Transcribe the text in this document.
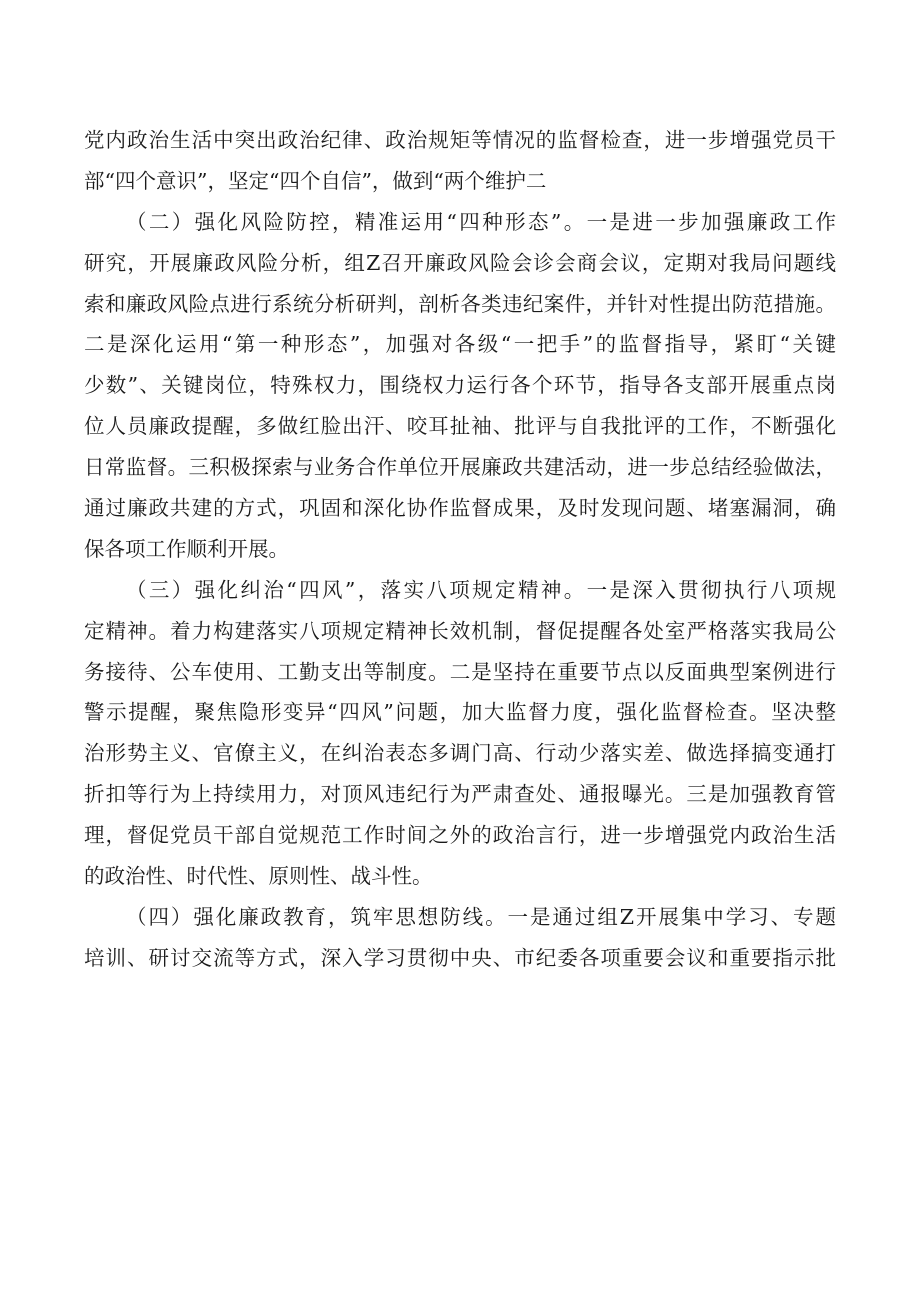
党内政治生活中突出政治纪律、政治规矩等情况的监督检查，进一步增强党员干
部“四个意识”，坚定“四个自信”，做到“两个维护二
（二）强化风险防控，精准运用“四种形态”。一是进一步加强廉政工作
研究，开展廉政风险分析，组Z召开廉政风险会诊会商会议，定期对我局问题线
索和廉政风险点进行系统分析研判，剖析各类违纪案件，并针对性提出防范措施。
二是深化运用“第一种形态”，加强对各级“一把手”的监督指导，紧盯“关键
少数”、关键岗位，特殊权力，围绕权力运行各个环节，指导各支部开展重点岗
位人员廉政提醒，多做红脸出汗、咬耳扯袖、批评与自我批评的工作，不断强化
日常监督。三积极探索与业务合作单位开展廉政共建活动，进一步总结经验做法，
通过廉政共建的方式，巩固和深化协作监督成果，及时发现问题、堵塞漏洞，确
保各项工作顺利开展。
（三）强化纠治“四风”，落实八项规定精神。一是深入贯彻执行八项规
定精神。着力构建落实八项规定精神长效机制，督促提醒各处室严格落实我局公
务接待、公车使用、工勤支出等制度。二是坚持在重要节点以反面典型案例进行
警示提醒，聚焦隐形变异“四风”问题，加大监督力度，强化监督检查。坚决整
治形势主义、官僚主义，在纠治表态多调门高、行动少落实差、做选择搞变通打
折扣等行为上持续用力，对顶风违纪行为严肃查处、通报曝光。三是加强教育管
理，督促党员干部自觉规范工作时间之外的政治言行，进一步增强党内政治生活
的政治性、时代性、原则性、战斗性。
（四）强化廉政教育，筑牢思想防线。一是通过组Z开展集中学习、专题
培训、研讨交流等方式，深入学习贯彻中央、市纪委各项重要会议和重要指示批
